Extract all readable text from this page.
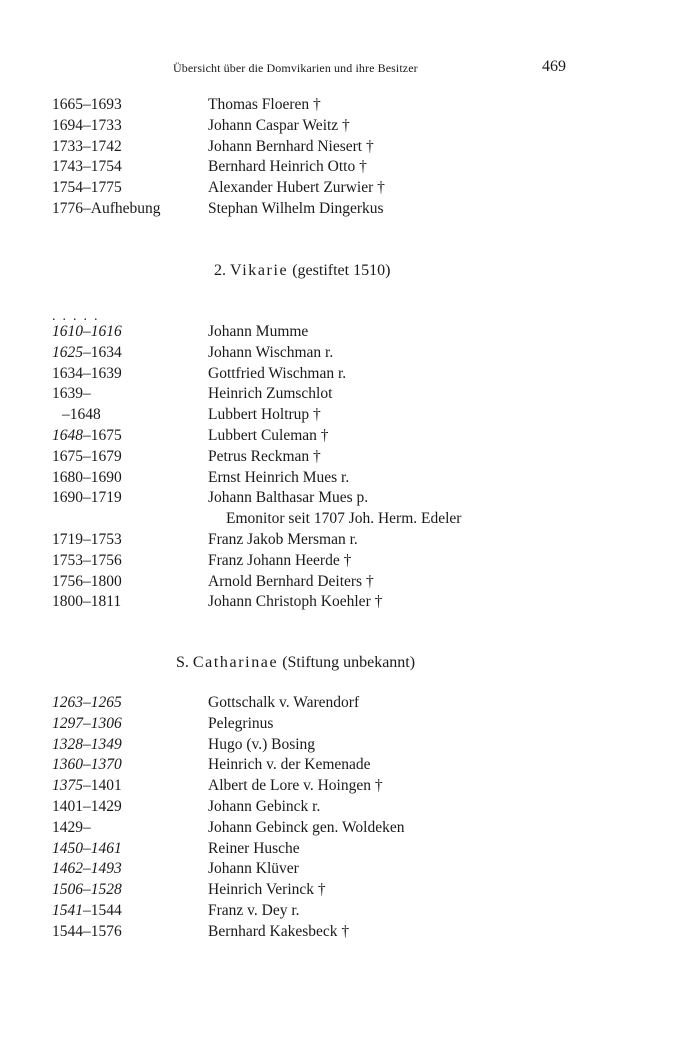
Übersicht über die Domvikarien und ihre Besitzer	469
1665–1693	Thomas Floeren †
1694–1733	Johann Caspar Weitz †
1733–1742	Johann Bernhard Niesert †
1743–1754	Bernhard Heinrich Otto †
1754–1775	Alexander Hubert Zurwier †
1776–Aufhebung	Stephan Wilhelm Dingerkus
2. Vikarie (gestiftet 1510)
.....
1610–1616	Johann Mumme
1625–1634	Johann Wischman r.
1634–1639	Gottfried Wischman r.
1639–	Heinrich Zumschlot
–1648	Lubbert Holtrup †
1648–1675	Lubbert Culeman †
1675–1679	Petrus Reckman †
1680–1690	Ernst Heinrich Mues r.
1690–1719	Johann Balthasar Mues p.
Emonitor seit 1707 Joh. Herm. Edeler
1719–1753	Franz Jakob Mersman r.
1753–1756	Franz Johann Heerde †
1756–1800	Arnold Bernhard Deiters †
1800–1811	Johann Christoph Koehler †
S. Catharinae (Stiftung unbekannt)
1263–1265	Gottschalk v. Warendorf
1297–1306	Pelegrinus
1328–1349	Hugo (v.) Bosing
1360–1370	Heinrich v. der Kemenade
1375–1401	Albert de Lore v. Hoingen †
1401–1429	Johann Gebinck r.
1429–	Johann Gebinck gen. Woldeken
1450–1461	Reiner Husche
1462–1493	Johann Klüver
1506–1528	Heinrich Verinck †
1541–1544	Franz v. Dey r.
1544–1576	Bernhard Kakesbeck †
